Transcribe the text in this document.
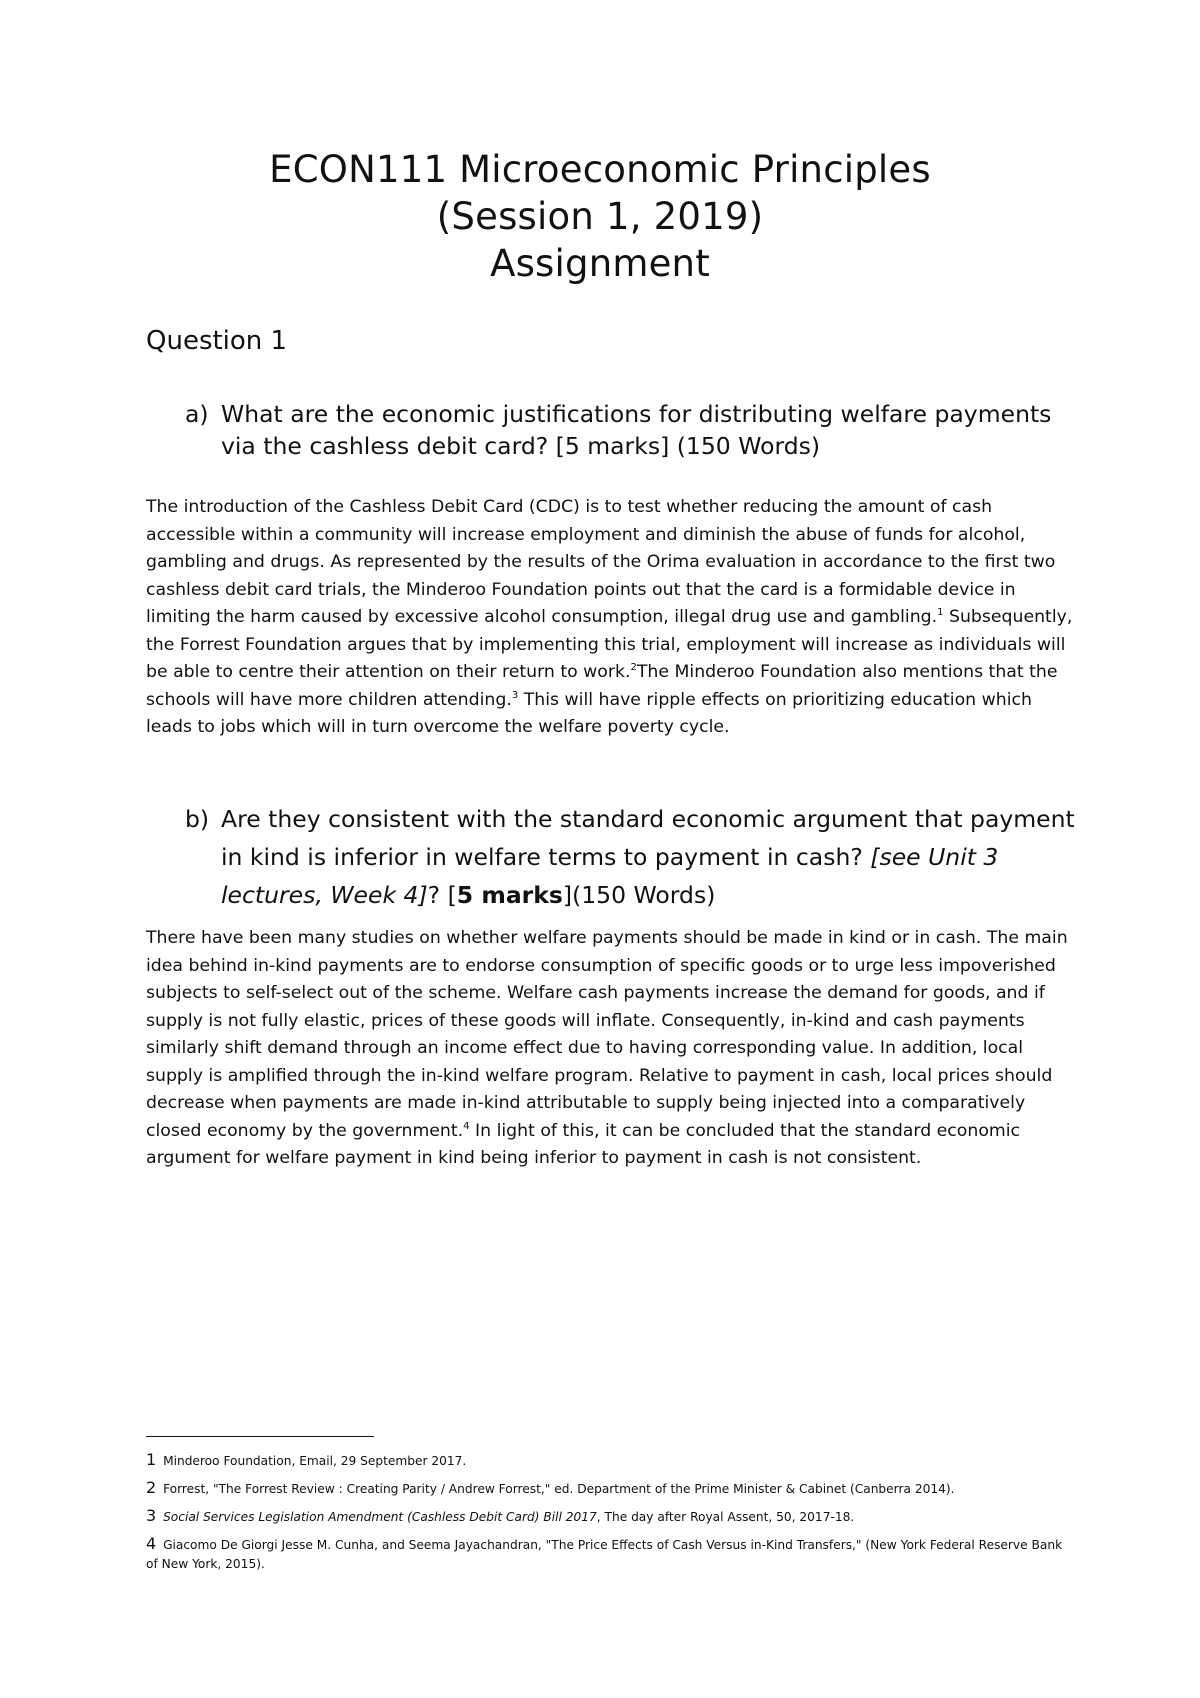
ECON111 Microeconomic Principles
(Session 1, 2019)
Assignment
Question 1
a) What are the economic justifications for distributing welfare payments via the cashless debit card? [5 marks] (150 Words)

The introduction of the Cashless Debit Card (CDC) is to test whether reducing the amount of cash accessible within a community will increase employment and diminish the abuse of funds for alcohol, gambling and drugs. As represented by the results of the Orima evaluation in accordance to the first two cashless debit card trials, the Minderoo Foundation points out that the card is a formidable device in limiting the harm caused by excessive alcohol consumption, illegal drug use and gambling.$^1$ Subsequently, the Forrest Foundation argues that by implementing this trial, employment will increase as individuals will be able to centre their attention on their return to work.$^2$The Minderoo Foundation also mentions that the schools will have more children attending.$^3$ This will have ripple effects on prioritizing education which leads to jobs which will in turn overcome the welfare poverty cycle.

b) Are they consistent with the standard economic argument that payment in kind is inferior in welfare terms to payment in cash? [see Unit 3 lectures, Week 4]? [5 marks](150 Words)

There have been many studies on whether welfare payments should be made in kind or in cash. The main idea behind in-kind payments are to endorse consumption of specific goods or to urge less impoverished subjects to self-select out of the scheme. Welfare cash payments increase the demand for goods, and if supply is not fully elastic, prices of these goods will inflate. Consequently, in-kind and cash payments similarly shift demand through an income effect due to having corresponding value. In addition, local supply is amplified through the in-kind welfare program. Relative to payment in cash, local prices should decrease when payments are made in-kind attributable to supply being injected into a comparatively closed economy by the government.$^4$ In light of this, it can be concluded that the standard economic argument for welfare payment in kind being inferior to payment in cash is not consistent.

1 Minderoo Foundation, Email, 29 September 2017.
2 Forrest, "The Forrest Review : Creating Parity / Andrew Forrest," ed. Department of the Prime Minister & Cabinet (Canberra 2014).
3 Social Services Legislation Amendment (Cashless Debit Card) Bill 2017, The day after Royal Assent, 50, 2017-18.
4 Giacomo De Giorgi Jesse M. Cunha, and Seema Jayachandran, "The Price Effects of Cash Versus in-Kind Transfers," (New York Federal Reserve Bank of New York, 2015).
